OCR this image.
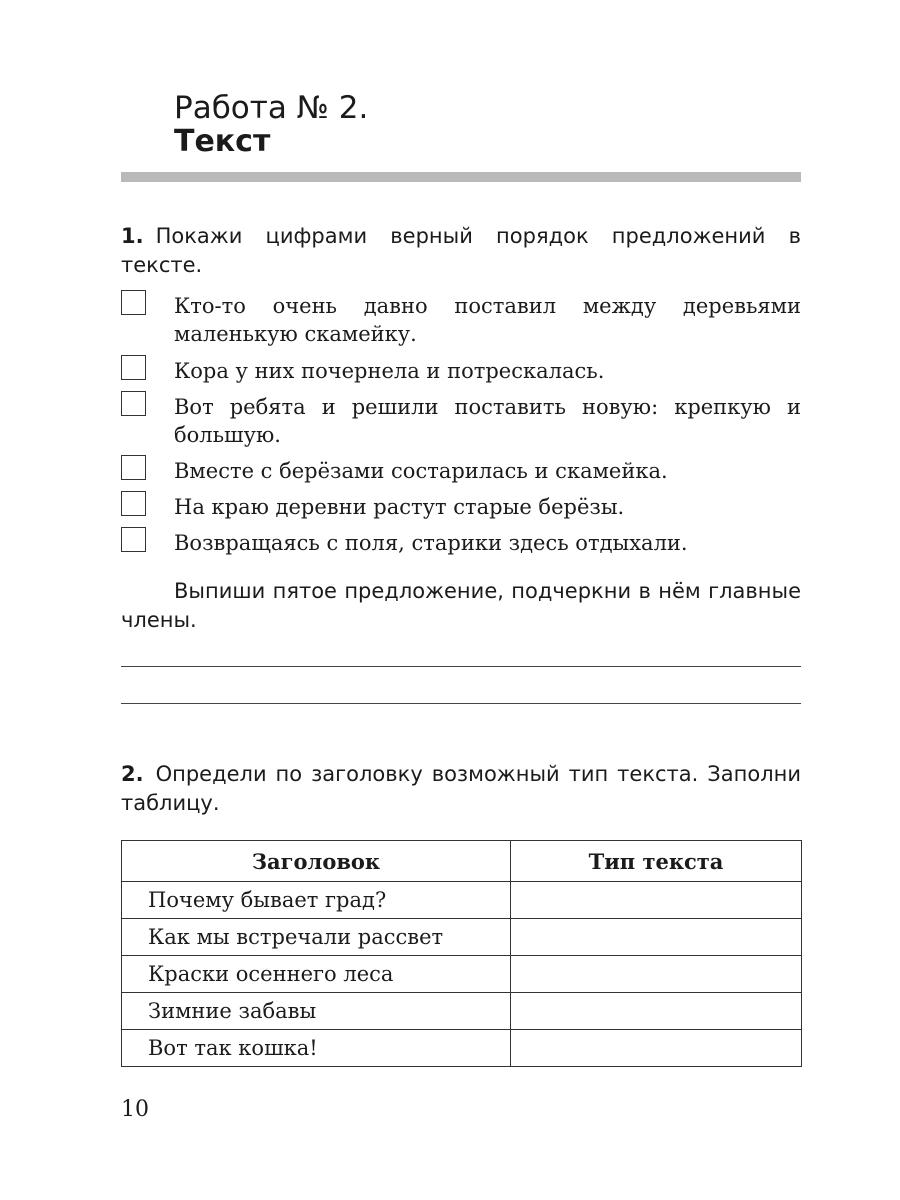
Работа № 2.
Текст
1. Покажи цифрами верный порядок предложений в тексте.
Кто-то очень давно поставил между деревьями маленькую скамейку.
Кора у них почернела и потрескалась.
Вот ребята и решили поставить новую: крепкую и большую.
Вместе с берёзами состарилась и скамейка.
На краю деревни растут старые берёзы.
Возвращаясь с поля, старики здесь отдыхали.
Выпиши пятое предложение, подчеркни в нём главные члены.
2. Определи по заголовку возможный тип текста. Заполни таблицу.
Заголовок	Тип текста
Почему бывает град?	
Как мы встречали рассвет	
Краски осеннего леса	
Зимние забавы	
Вот так кошка!	
10
